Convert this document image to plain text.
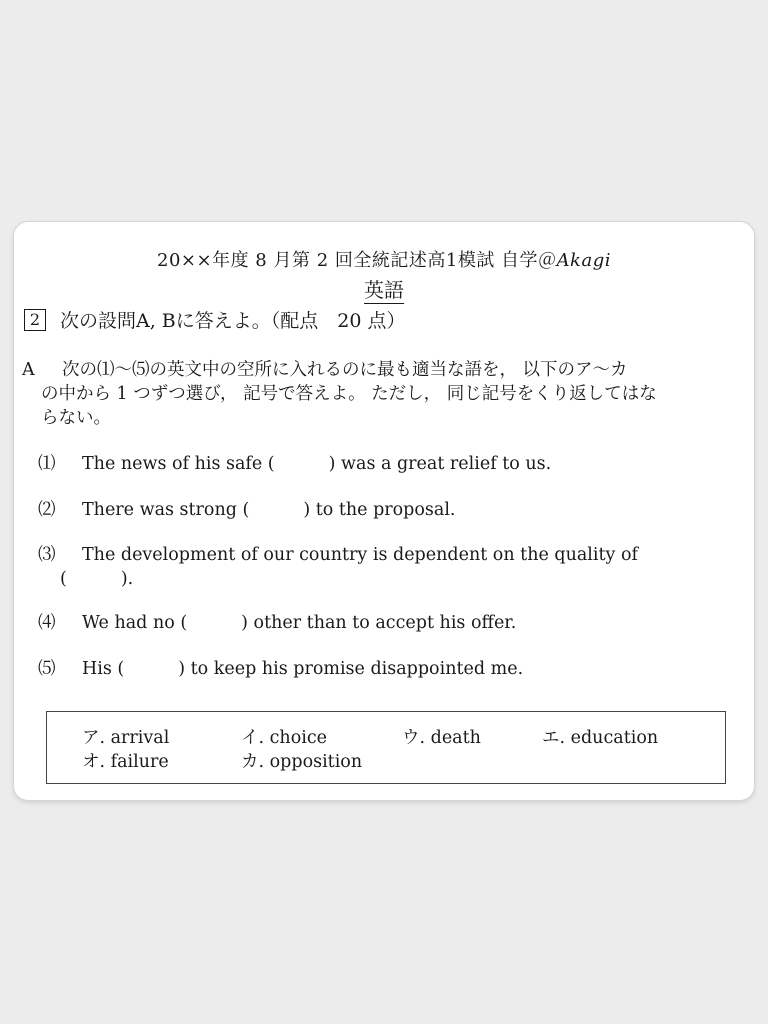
20××年度 8 月第 2 回全統記述高1模試 自学＠Akagi
英語
2	次の設問A, Bに答えよ。（配点　20 点）
A 次の⑴～⑸の英文中の空所に入れるのに最も適当な語を， 以下のア～カ
の中から 1 つずつ選び， 記号で答えよ。 ただし， 同じ記号をくり返してはな
らない。
⑴ The news of his safe (	) was a great relief to us.
⑵ There was strong (	) to the proposal.
⑶ The development of our country is dependent on the quality of
(	).
⑷ We had no (	) other than to accept his offer.
⑸ His (	) to keep his promise disappointed me.
ア. arrival	イ. choice	ウ. death	エ. education
オ. failure	カ. opposition
